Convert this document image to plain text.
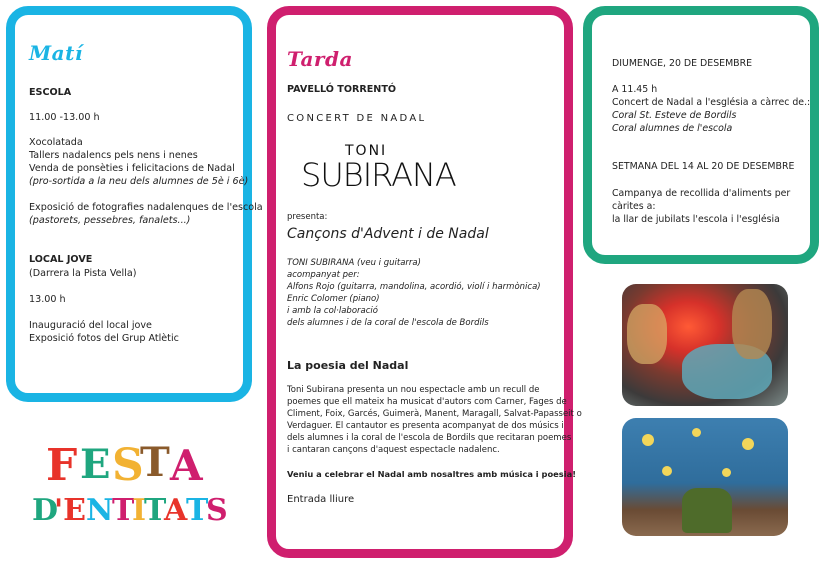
Matí
ESCOLA
11.00 -13.00 h
Xocolatada
Tallers nadalencs pels nens i nenes
Venda de ponsèties i felicitacions de Nadal
(pro-sortida a la neu dels alumnes de 5è i 6è)
Exposició de fotografies nadalenques de l'escola
(pastorets, pessebres, fanalets...)
LOCAL JOVE
(Darrera la Pista Vella)
13.00 h
Inauguració del local jove
Exposició fotos del Grup Atlètic
Tarda
PAVELLÓ TORRENTÓ
CONCERT DE NADAL
TONI
SUBIRANA
presenta:
Cançons d'Advent i de Nadal
TONI SUBIRANA (veu i guitarra)
acompanyat per:
Alfons Rojo (guitarra, mandolina, acordió, violí i harmònica)
Enric Colomer (piano)
i amb la col·laboració
dels alumnes i de la coral de l'escola de Bordils
La poesia del Nadal
Toni Subirana presenta un nou espectacle amb un recull de
poemes que ell mateix ha musicat d'autors com Carner, Fages de
Climent, Foix, Garcés, Guimerà, Manent, Maragall, Salvat-Papasseit o
Verdaguer. El cantautor es presenta acompanyat de dos músics i
dels alumnes i la coral de l'escola de Bordils que recitaran poemes
i cantaran cançons d'aquest espectacle nadalenc.
Veniu a celebrar el Nadal amb nosaltres amb música i poesia!
Entrada lliure
DIUMENGE, 20 DE DESEMBRE
A 11.45 h
Concert de Nadal a l'església a càrrec de.:
Coral St. Esteve de Bordils
Coral alumnes de l'escola
SETMANA DEL 14 AL 20 DE DESEMBRE
Campanya de recollida d'aliments per
càrites a:
la llar de jubilats l'escola i l'església
F E S
T A
D
'E N
T
I
T
A
T
S
